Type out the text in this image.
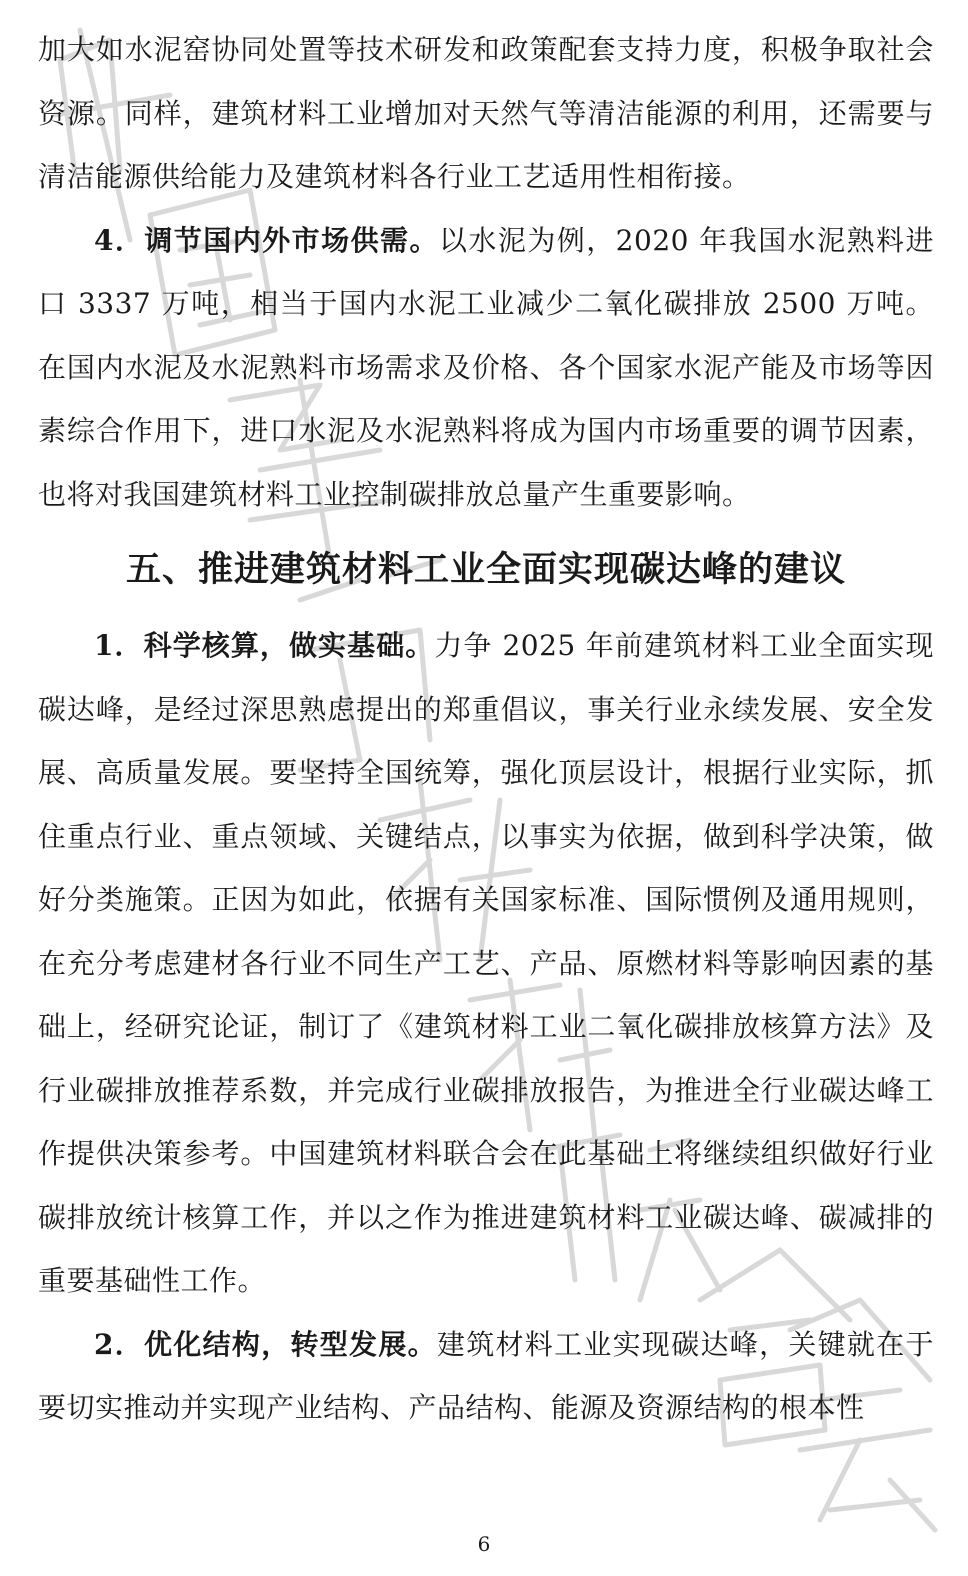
加大如水泥窑协同处置等技术研发和政策配套支持力度，积极争取社会资源。同样，建筑材料工业增加对天然气等清洁能源的利用，还需要与清洁能源供给能力及建筑材料各行业工艺适用性相衔接。

4．调节国内外市场供需。以水泥为例，2020 年我国水泥熟料进口 3337 万吨，相当于国内水泥工业减少二氧化碳排放 2500 万吨。在国内水泥及水泥熟料市场需求及价格、各个国家水泥产能及市场等因素综合作用下，进口水泥及水泥熟料将成为国内市场重要的调节因素，也将对我国建筑材料工业控制碳排放总量产生重要影响。

五、推进建筑材料工业全面实现碳达峰的建议

1．科学核算，做实基础。力争 2025 年前建筑材料工业全面实现碳达峰，是经过深思熟虑提出的郑重倡议，事关行业永续发展、安全发展、高质量发展。要坚持全国统筹，强化顶层设计，根据行业实际，抓住重点行业、重点领域、关键结点，以事实为依据，做到科学决策，做好分类施策。正因为如此，依据有关国家标准、国际惯例及通用规则，在充分考虑建材各行业不同生产工艺、产品、原燃材料等影响因素的基础上，经研究论证，制订了《建筑材料工业二氧化碳排放核算方法》及行业碳排放推荐系数，并完成行业碳排放报告，为推进全行业碳达峰工作提供决策参考。中国建筑材料联合会在此基础上将继续组织做好行业碳排放统计核算工作，并以之作为推进建筑材料工业碳达峰、碳减排的重要基础性工作。

2．优化结构，转型发展。建筑材料工业实现碳达峰，关键就在于要切实推动并实现产业结构、产品结构、能源及资源结构的根本性

6
